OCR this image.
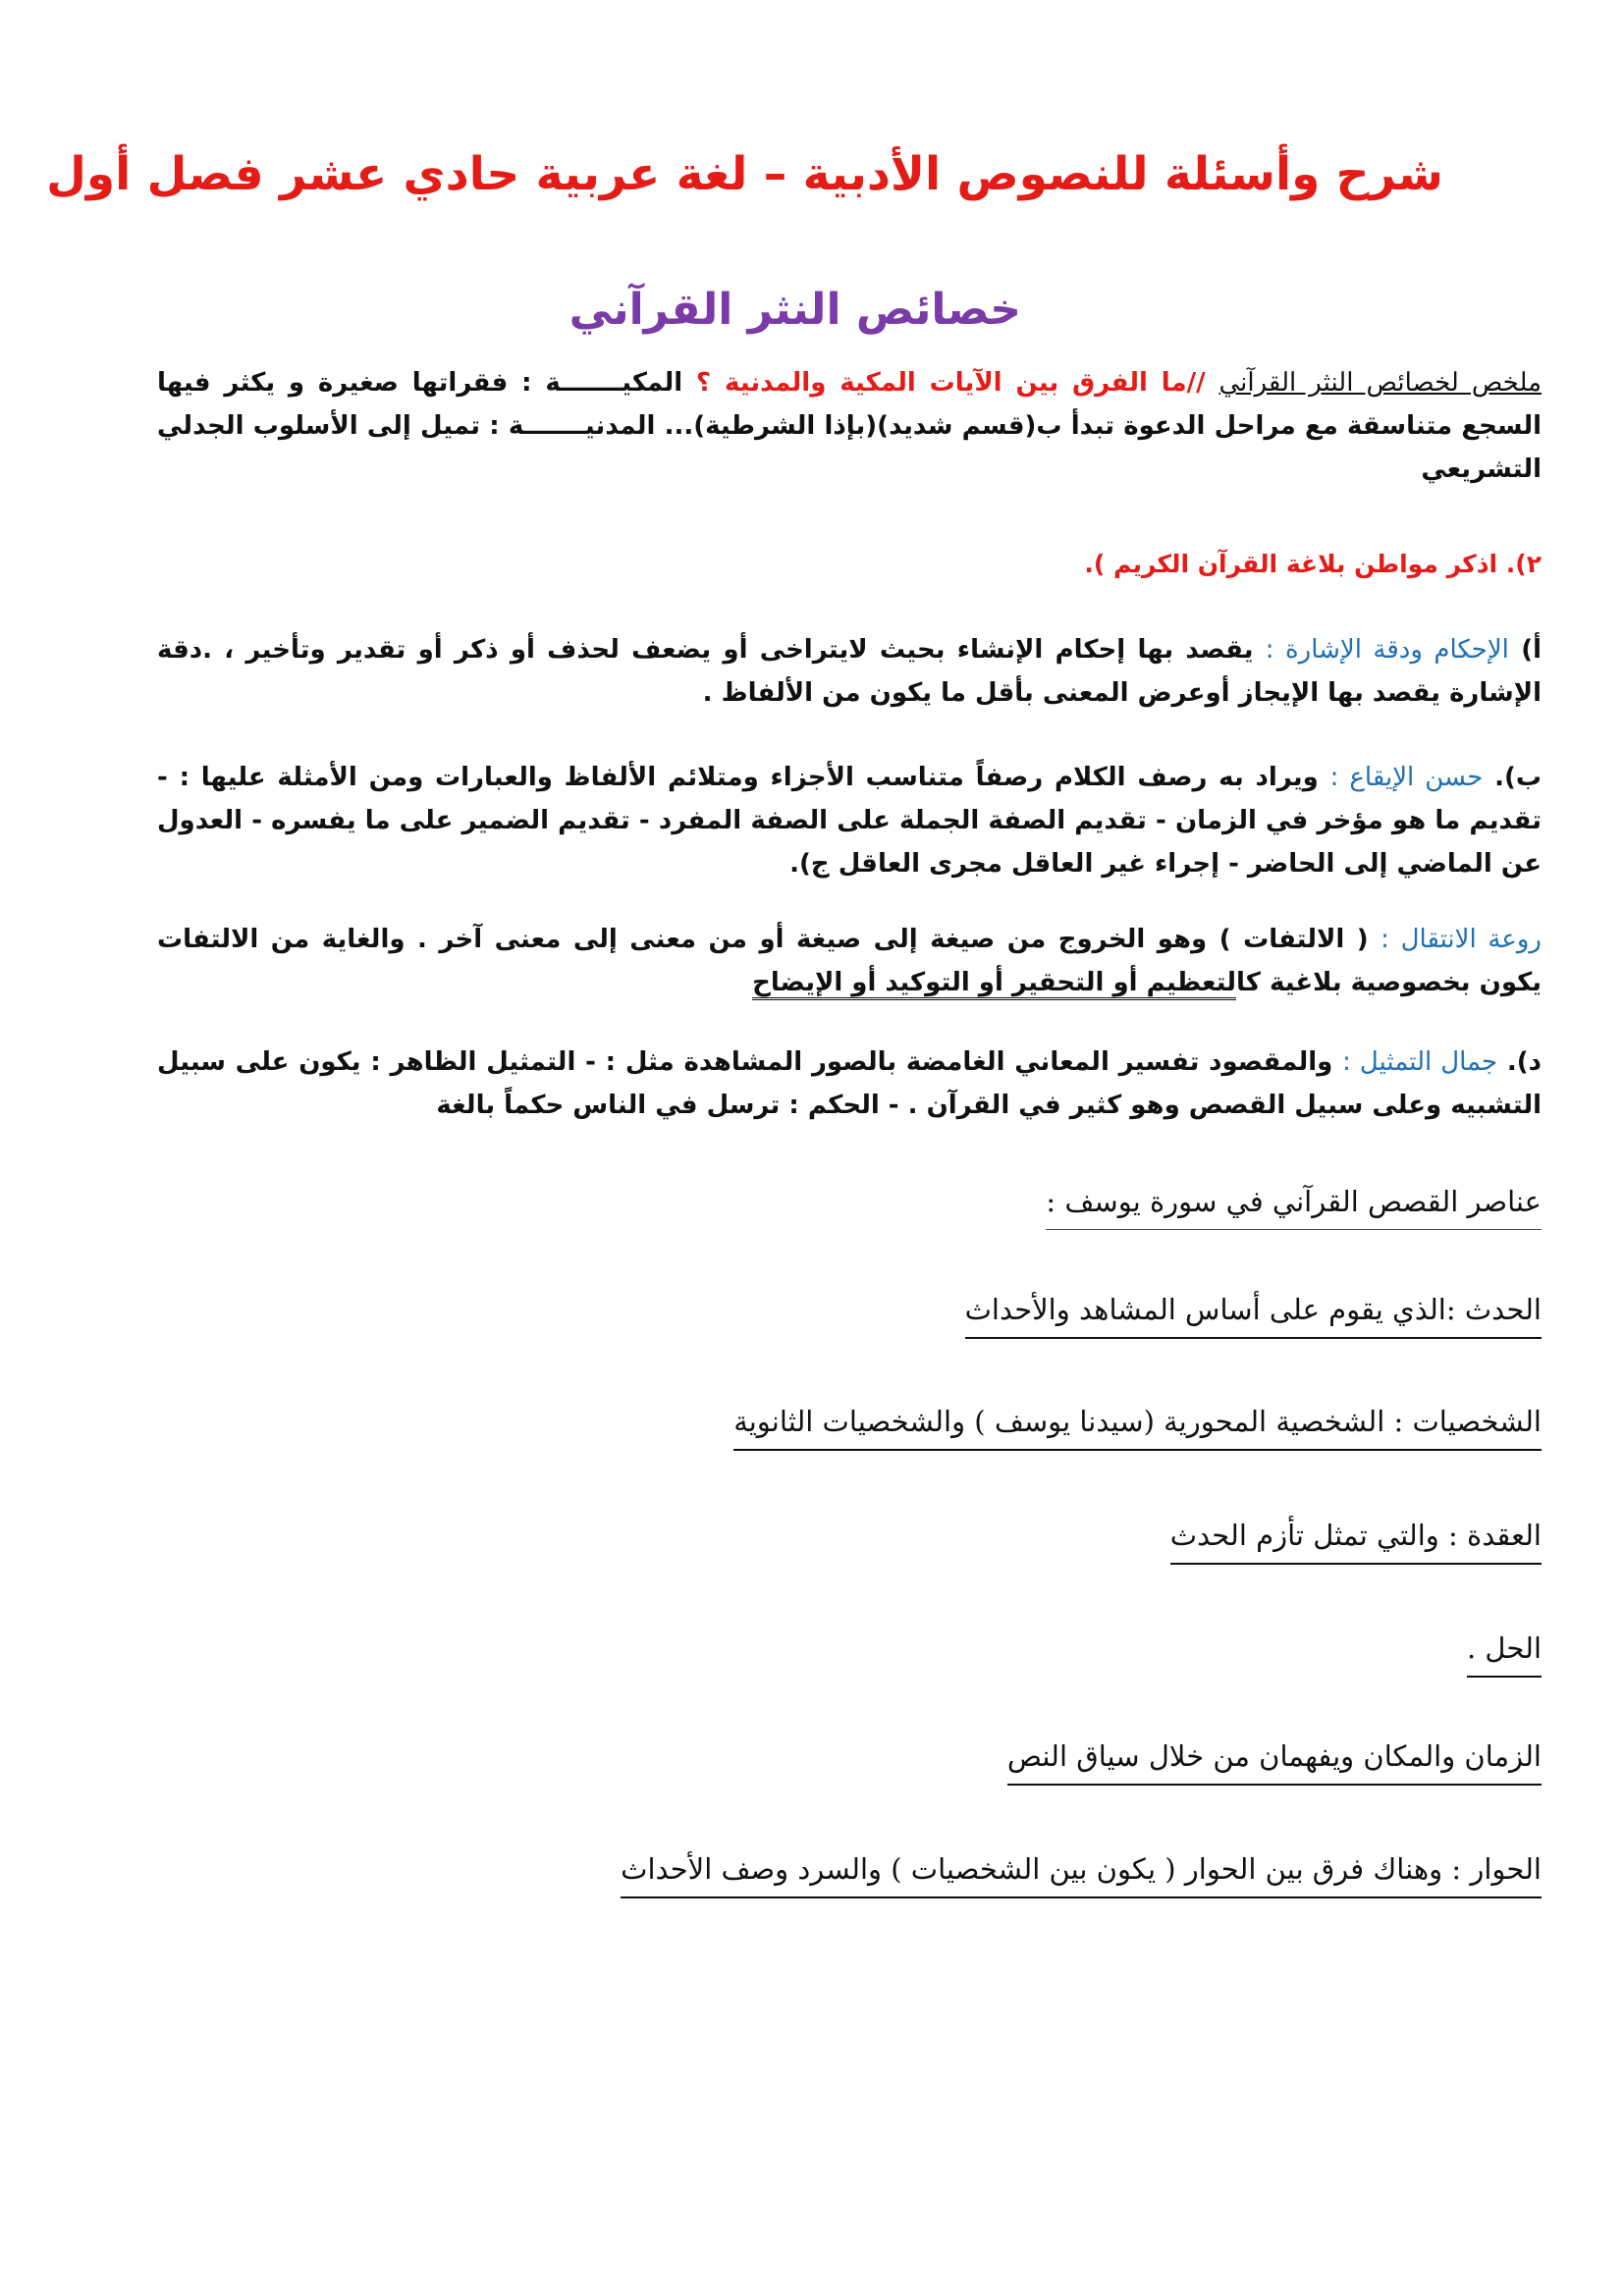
شرح وأسئلة للنصوص الأدبية – لغة عربية حادي عشر فصل أول
خصائص النثر القرآني
ملخص لخصائص النثر القرآني //ما الفرق بين الآيات المكية والمدنية ؟ المكيـــــــة : فقراتها صغيرة و يكثر فيها السجع متناسقة مع مراحل الدعوة تبدأ ب(قسم شديد)(بإذا الشرطية)... المدنيـــــــة : تميل إلى الأسلوب الجدلي التشريعي
٢). اذكر مواطن بلاغة القرآن الكريم ).
أ) الإحكام ودقة الإشارة : يقصد بها إحكام الإنشاء بحيث لايتراخى أو يضعف لحذف أو ذكر أو تقدير وتأخير ، .دقة الإشارة يقصد بها الإيجاز أوعرض المعنى بأقل ما يكون من الألفاظ .
ب). حسن الإيقاع : ويراد به رصف الكلام رصفاً متناسب الأجزاء ومتلائم الألفاظ والعبارات ومن الأمثلة عليها : - تقديم ما هو مؤخر في الزمان - تقديم الصفة الجملة على الصفة المفرد - تقديم الضمير على ما يفسره - العدول عن الماضي إلى الحاضر - إجراء غير العاقل مجرى العاقل ج).
روعة الانتقال : ( الالتفات ) وهو الخروج من صيغة إلى صيغة أو من معنى إلى معنى آخر . والغاية من الالتفات يكون بخصوصية بلاغية كالتعظيم أو التحقير أو التوكيد أو الإيضاح
د). جمال التمثيل : والمقصود تفسير المعاني الغامضة بالصور المشاهدة مثل : - التمثيل الظاهر : يكون على سبيل التشبيه وعلى سبيل القصص وهو كثير في القرآن . - الحكم : ترسل في الناس حكماً بالغة
عناصر القصص القرآني في سورة يوسف :
الحدث :الذي يقوم على أساس المشاهد والأحداث
الشخصيات : الشخصية المحورية (سيدنا يوسف ) والشخصيات الثانوية
العقدة : والتي تمثل تأزم الحدث
الحل .
الزمان والمكان ويفهمان من خلال سياق النص
الحوار : وهناك فرق بين الحوار ( يكون بين الشخصيات ) والسرد وصف الأحداث
